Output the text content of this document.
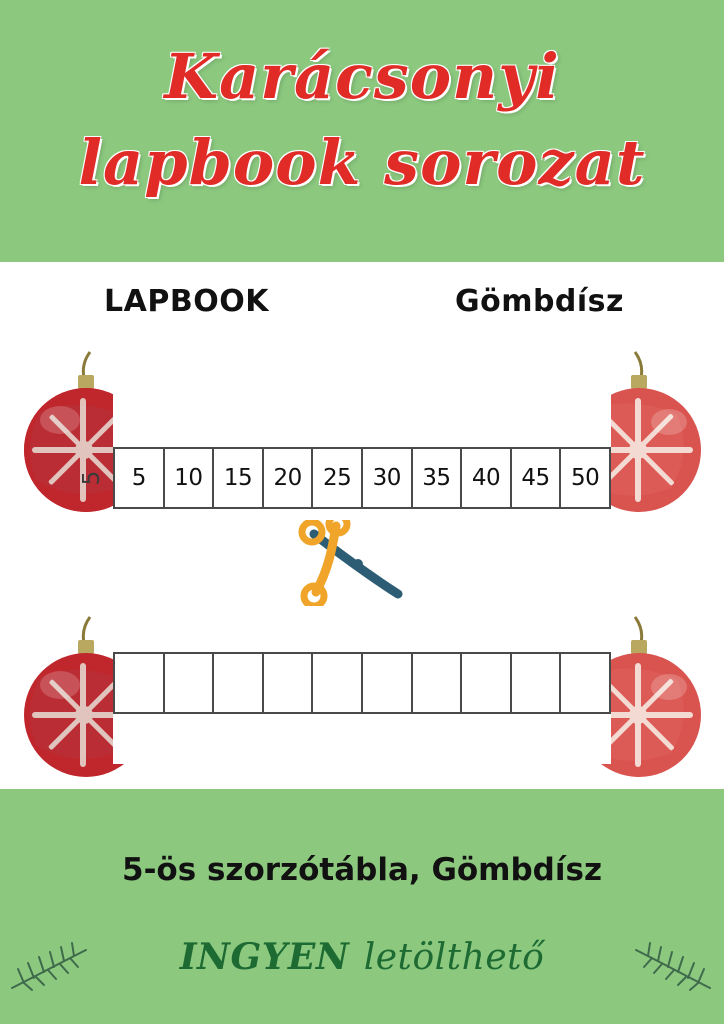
Karácsonyi
lapbook sorozat
LAPBOOK	Gömbdísz
5	5	10 15 20 25 30 35 40 45 50
5-ös szorzótábla, Gömbdísz
INGYEN letölthető
